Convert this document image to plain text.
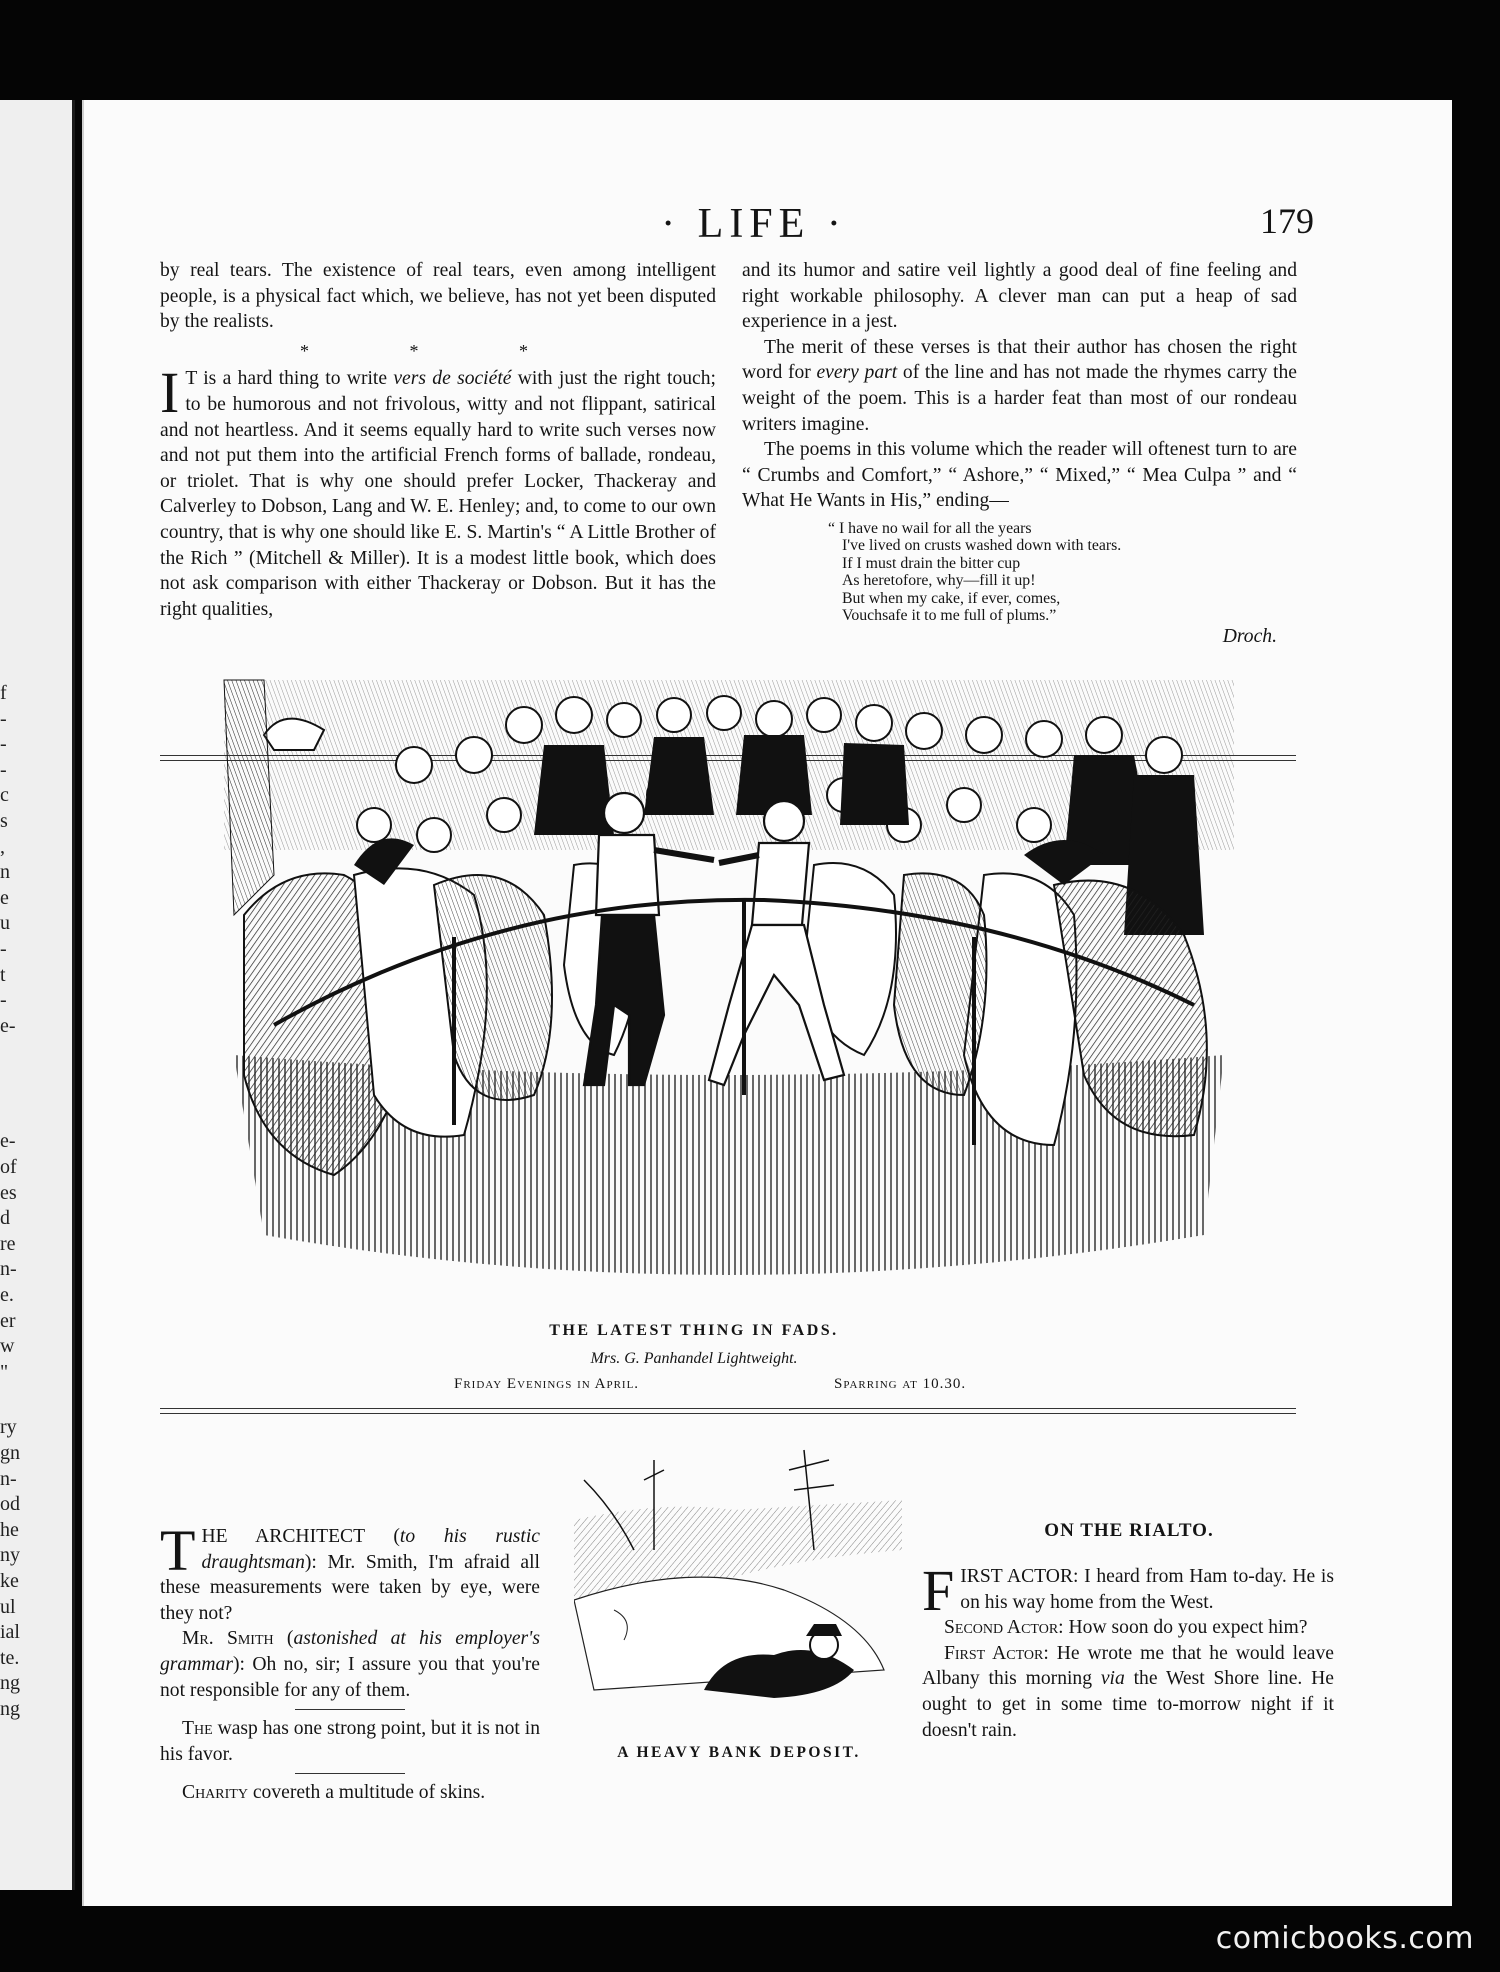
f
-
-
-
c
s
,
n
e
u
-
t
-
e-
e-
of
es
d
re
n-
e.
er
w
"
ry
gn
n-
od
he
ny
ke
ul
ial
te.
ng
ng
· LIFE ·	179

by real tears. The existence of real tears, even among intelligent people, is a physical fact which, we believe, has not yet been disputed by the realists.

* * *

I T is a hard thing to write vers de société with just the right touch; to be humorous and not frivolous, witty and not flippant, satirical and not heartless. And it seems equally hard to write such verses now and not put them into the artificial French forms of ballade, rondeau, or triolet. That is why one should prefer Locker, Thackeray and Calverley to Dobson, Lang and W. E. Henley; and, to come to our own country, that is why one should like E. S. Martin's “ A Little Brother of the Rich ” (Mitchell & Miller). It is a modest little book, which does not ask comparison with either Thackeray or Dobson. But it has the right qualities,

and its humor and satire veil lightly a good deal of fine feeling and right workable philosophy. A clever man can put a heap of sad experience in a jest.

The merit of these verses is that their author has chosen the right word for every part of the line and has not made the rhymes carry the weight of the poem. This is a harder feat than most of our rondeau writers imagine.

The poems in this volume which the reader will oftenest turn to are “ Crumbs and Comfort,” “ Ashore,” “ Mixed,” “ Mea Culpa ” and “ What He Wants in His,” ending—

“ I have no wail for all the years
I've lived on crusts washed down with tears.
If I must drain the bitter cup
As heretofore, why—fill it up!
But when my cake, if ever, comes,
Vouchsafe it to me full of plums.”
Droch.
THE LATEST THING IN FADS.
Mrs. G. Panhandel Lightweight.
Friday Evenings in April.	Sparring at 10.30.

THE ARCHITECT (to his rustic draughtsman): Mr. Smith, I'm afraid all these measurements were taken by eye, were they not?

Mr. Smith (astonished at his employer's grammar): Oh no, sir; I assure you that you're not responsible for any of them.

The wasp has one strong point, but it is not in his favor.

Charity covereth a multitude of skins.

A HEAVY BANK DEPOSIT.
ON THE RIALTO.

FIRST ACTOR: I heard from Ham to-day. He is on his way home from the West.

Second Actor: How soon do you expect him?

First Actor: He wrote me that he would leave Albany this morning via the West Shore line. He ought to get in some time to-morrow night if it doesn't rain.

comicbooks.com
